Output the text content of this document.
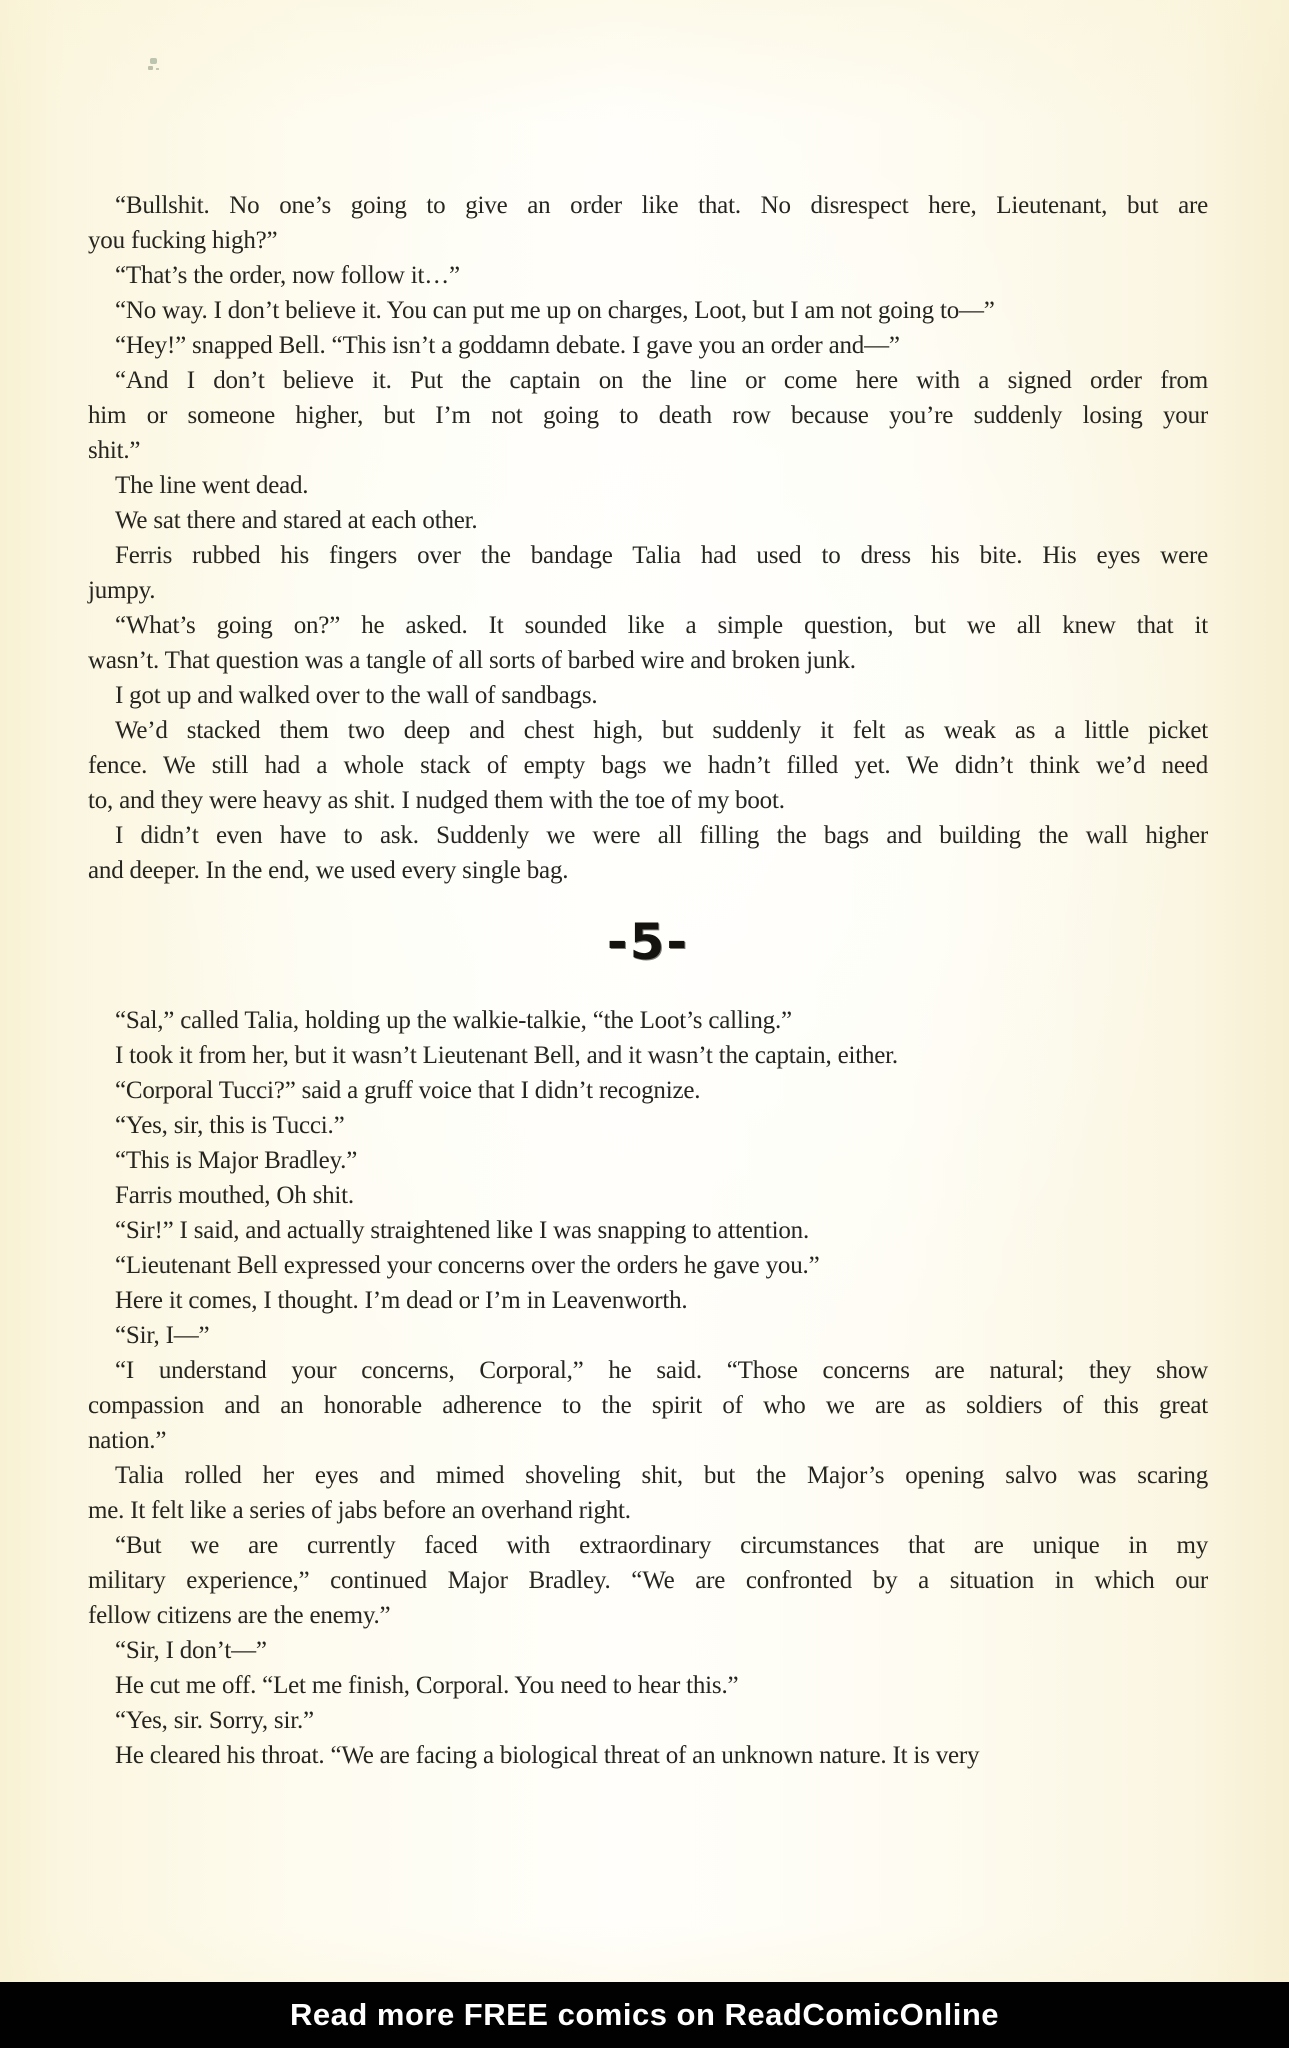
“Bullshit. No one’s going to give an order like that. No disrespect here, Lieutenant, but are
you fucking high?”
“That’s the order, now follow it…”
“No way. I don’t believe it. You can put me up on charges, Loot, but I am not going to—”
“Hey!” snapped Bell. “This isn’t a goddamn debate. I gave you an order and—”
“And I don’t believe it. Put the captain on the line or come here with a signed order from
him or someone higher, but I’m not going to death row because you’re suddenly losing your
shit.”
The line went dead.
We sat there and stared at each other.
Ferris rubbed his fingers over the bandage Talia had used to dress his bite. His eyes were
jumpy.
“What’s going on?” he asked. It sounded like a simple question, but we all knew that it
wasn’t. That question was a tangle of all sorts of barbed wire and broken junk.
I got up and walked over to the wall of sandbags.
We’d stacked them two deep and chest high, but suddenly it felt as weak as a little picket
fence. We still had a whole stack of empty bags we hadn’t filled yet. We didn’t think we’d need
to, and they were heavy as shit. I nudged them with the toe of my boot.
I didn’t even have to ask. Suddenly we were all filling the bags and building the wall higher
and deeper. In the end, we used every single bag.
-5-
“Sal,” called Talia, holding up the walkie-talkie, “the Loot’s calling.”
I took it from her, but it wasn’t Lieutenant Bell, and it wasn’t the captain, either.
“Corporal Tucci?” said a gruff voice that I didn’t recognize.
“Yes, sir, this is Tucci.”
“This is Major Bradley.”
Farris mouthed, Oh shit.
“Sir!” I said, and actually straightened like I was snapping to attention.
“Lieutenant Bell expressed your concerns over the orders he gave you.”
Here it comes, I thought. I’m dead or I’m in Leavenworth.
“Sir, I—”
“I understand your concerns, Corporal,” he said. “Those concerns are natural; they show
compassion and an honorable adherence to the spirit of who we are as soldiers of this great
nation.”
Talia rolled her eyes and mimed shoveling shit, but the Major’s opening salvo was scaring
me. It felt like a series of jabs before an overhand right.
“But we are currently faced with extraordinary circumstances that are unique in my
military experience,” continued Major Bradley. “We are confronted by a situation in which our
fellow citizens are the enemy.”
“Sir, I don’t—”
He cut me off. “Let me finish, Corporal. You need to hear this.”
“Yes, sir. Sorry, sir.”
He cleared his throat. “We are facing a biological threat of an unknown nature. It is very
Read more FREE comics on ReadComicOnline
